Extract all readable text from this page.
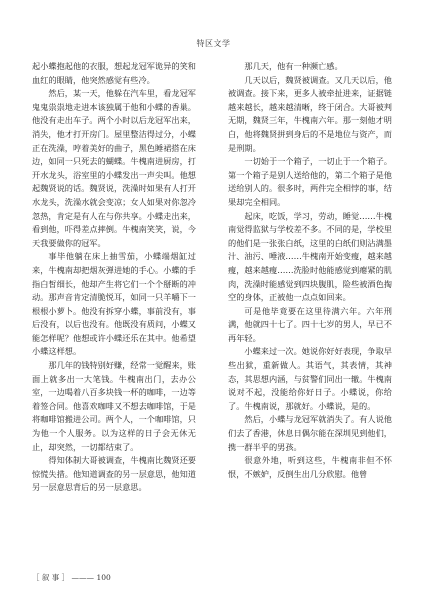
特区文学

起小蝶抱起他的衣服，想起龙冠军诡异的笑和血红的眼睛，他突然感觉有些冷。

然后，某一天，他躲在汽车里，看龙冠军鬼鬼祟祟地走进本该独属于他和小蝶的香巢。他没有走出车子。两个小时以后龙冠军出来，消失，他才打开房门。屋里整洁得过分，小蝶正在洗澡，哼着美好的曲子，黑色睡裙搭在床边，如同一只死去的蝴蝶。牛槐南进厨房，打开水龙头，浴室里的小蝶发出一声尖叫。他想起魏贤说的话。魏贤说，洗澡时如果有人打开水龙头，洗澡水就会变凉；女人如果对你忽冷忽热，肯定是有人在与你共享。小蝶走出来，看到他，吓得差点摔倒。牛槐南笑笑，说，今天我要做你的冠军。

事毕他躺在床上抽雪茄，小蝶端烟缸过来，牛槐南却把烟灰弹进她的手心。小蝶的手指白皙细长，他却产生将它们一个个掰断的冲动。那声音肯定清脆悦耳，如同一只羊嚼下一根根小萝卜。他没有拆穿小蝶，事前没有，事后没有，以后也没有。他既没有质问，小蝶又能怎样呢？他想或许小蝶还乐在其中。他希望小蝶这样想。

那几年的钱特别好赚，经常一觉醒来，账面上就多出一大笔钱。牛槐南出门，去办公室，一边喝着八百多块钱一杯的咖啡，一边等着签合同。他喜欢咖啡又不想去咖啡馆，于是将咖啡馆搬进公司。两个人，一个咖啡馆，只为他一个人服务。以为这样的日子会无休无止，却突然，一切都结束了。

得知体制大哥被调查，牛槐南比魏贤还要惊慌失措。他知道调查的另一层意思，他知道另一层意思背后的另一层意思。

那几天，他有一种濒亡感。

几天以后，魏贤被调查。又几天以后，他被调查。接下来，更多人被牵扯进来，证据链越来越长，越来越清晰，终于闭合。大哥被判无期，魏贤三年，牛槐南六年。那一刻他才明白，他将魏贤拼到身后的不是地位与资产，而是刑期。

一切始于一个箱子，一切止于一个箱子。第一个箱子是别人送给他的，第二个箱子是他送给别人的。很多时，两件完全相悖的事，结果却完全相同。

起床，吃饭，学习，劳动，睡觉……牛槐南觉得监狱与学校差不多。不同的是，学校里的他们是一张张白纸，这里的白纸们则沾满墨汁、油污、唾液……牛槐南开始变瘦，越来越瘦，越来越瘦……洗脸时他能感觉到瘪紧的肌肉，洗澡时能感觉到四块腹肌，险些被酒色掏空的身体，正被他一点点如回来。

可是他毕竟要在这里待满六年。六年刑满，他就四十七了。四十七岁的男人，早已不再年轻。

小蝶来过一次。她说你好好表现，争取早些出狱，重新做人。其语气，其表情，其神态，其思想内涵，与贫警们同出一辙。牛槐南说对不起，没能给你好日子。小蝶说，你给了。牛槐南说，那就好。小蝶说，是的。

然后，小蝶与龙冠军就消失了。有人说他们去了香港，休息日偶尔能在深圳见到他们，携一群半乎的男孩。

很意外地，听到这些，牛槐南非但不怀恨，不嫉妒，反倒生出几分欣慰。他曾

［ 叙 事 ］ ——— 100
